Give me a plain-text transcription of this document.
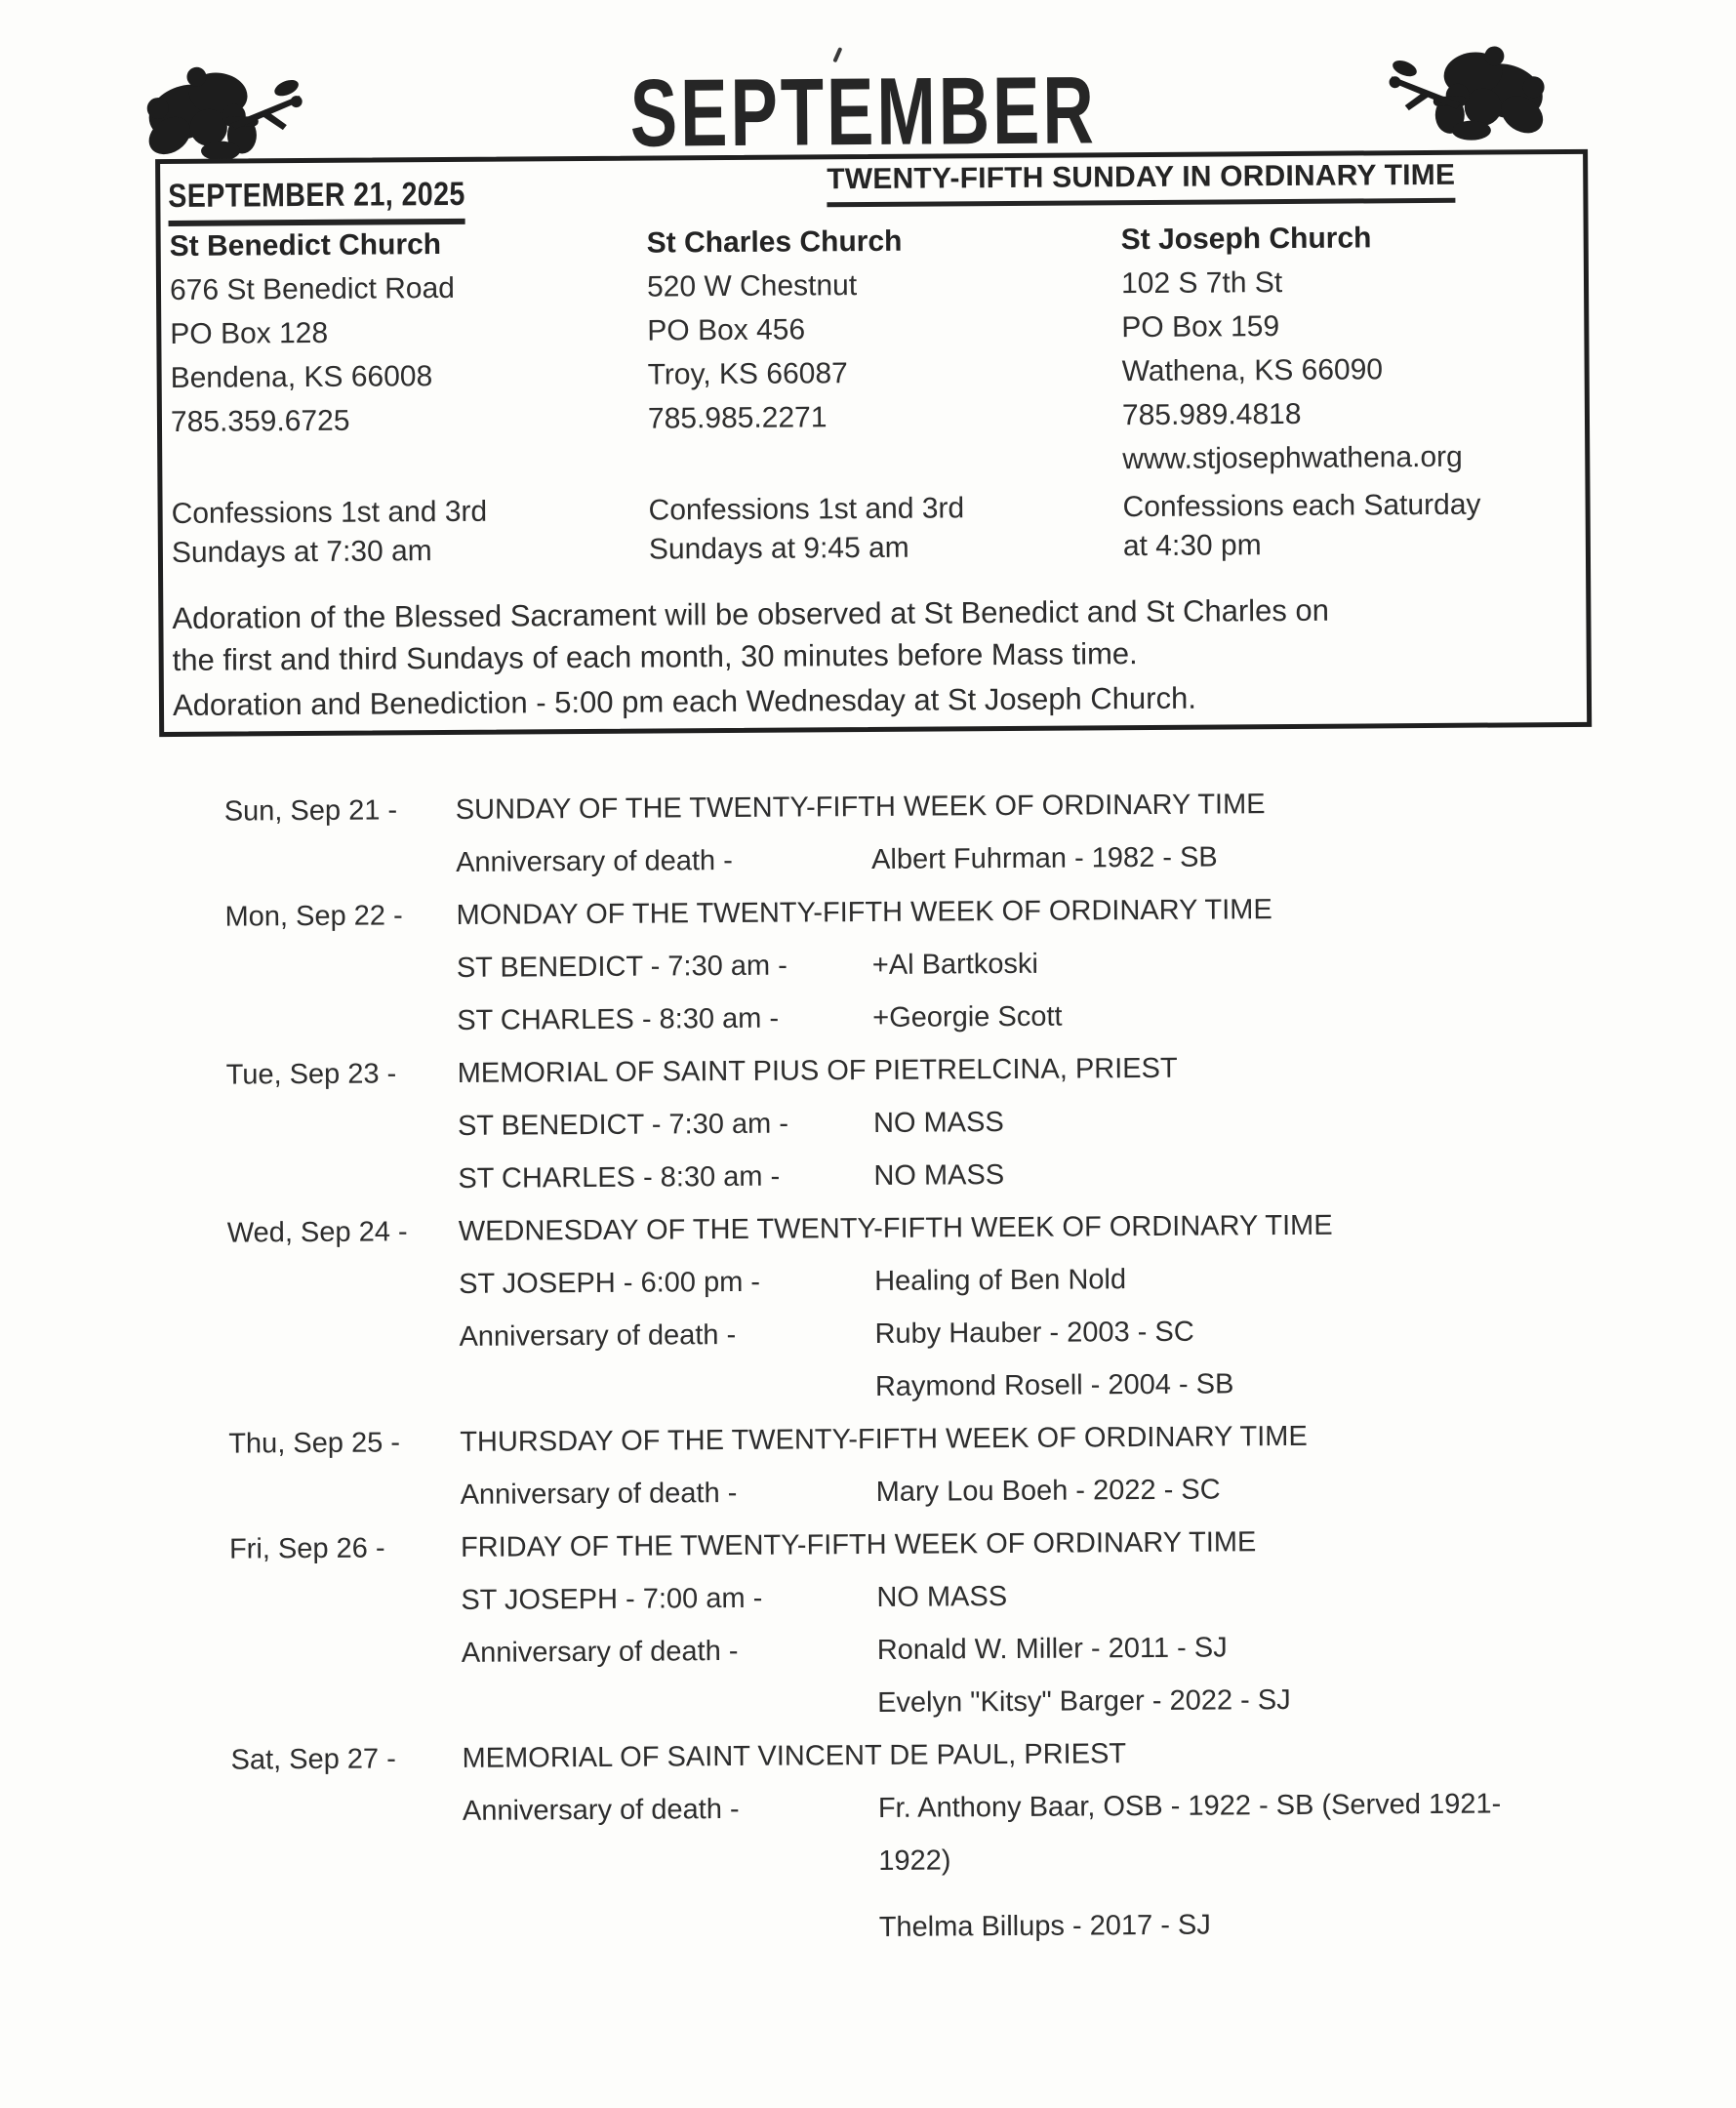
SEPTEMBER
SEPTEMBER 21, 2025	TWENTY-FIFTH SUNDAY IN ORDINARY TIME
St Benedict Church
676 St Benedict Road
PO Box 128
Bendena, KS 66008
785.359.6725
Confessions 1st and 3rd
Sundays at 7:30 am
St Charles Church
520 W Chestnut
PO Box 456
Troy, KS 66087
785.985.2271
Confessions 1st and 3rd
Sundays at 9:45 am
St Joseph Church
102 S 7th St
PO Box 159
Wathena, KS 66090
785.989.4818
www.stjosephwathena.org
Confessions each Saturday
at 4:30 pm
Adoration of the Blessed Sacrament will be observed at St Benedict and St Charles on
the first and third Sundays of each month, 30 minutes before Mass time.
Adoration and Benediction - 5:00 pm each Wednesday at St Joseph Church.
Sun, Sep 21 -	SUNDAY OF THE TWENTY-FIFTH WEEK OF ORDINARY TIME
Anniversary of death -	Albert Fuhrman - 1982 - SB
Mon, Sep 22 -	MONDAY OF THE TWENTY-FIFTH WEEK OF ORDINARY TIME
ST BENEDICT - 7:30 am -	+Al Bartkoski
ST CHARLES - 8:30 am -	+Georgie Scott
Tue, Sep 23 -	MEMORIAL OF SAINT PIUS OF PIETRELCINA, PRIEST
ST BENEDICT - 7:30 am -	NO MASS
ST CHARLES - 8:30 am -	NO MASS
Wed, Sep 24 -	WEDNESDAY OF THE TWENTY-FIFTH WEEK OF ORDINARY TIME
ST JOSEPH - 6:00 pm -	Healing of Ben Nold
Anniversary of death -	Ruby Hauber - 2003 - SC
Raymond Rosell - 2004 - SB
Thu, Sep 25 -	THURSDAY OF THE TWENTY-FIFTH WEEK OF ORDINARY TIME
Anniversary of death -	Mary Lou Boeh - 2022 - SC
Fri, Sep 26 -	FRIDAY OF THE TWENTY-FIFTH WEEK OF ORDINARY TIME
ST JOSEPH - 7:00 am -	NO MASS
Anniversary of death -	Ronald W. Miller - 2011 - SJ
Evelyn "Kitsy" Barger - 2022 - SJ
Sat, Sep 27 -	MEMORIAL OF SAINT VINCENT DE PAUL, PRIEST
Anniversary of death -	Fr. Anthony Baar, OSB - 1922 - SB (Served 1921-1922)
Thelma Billups - 2017 - SJ
